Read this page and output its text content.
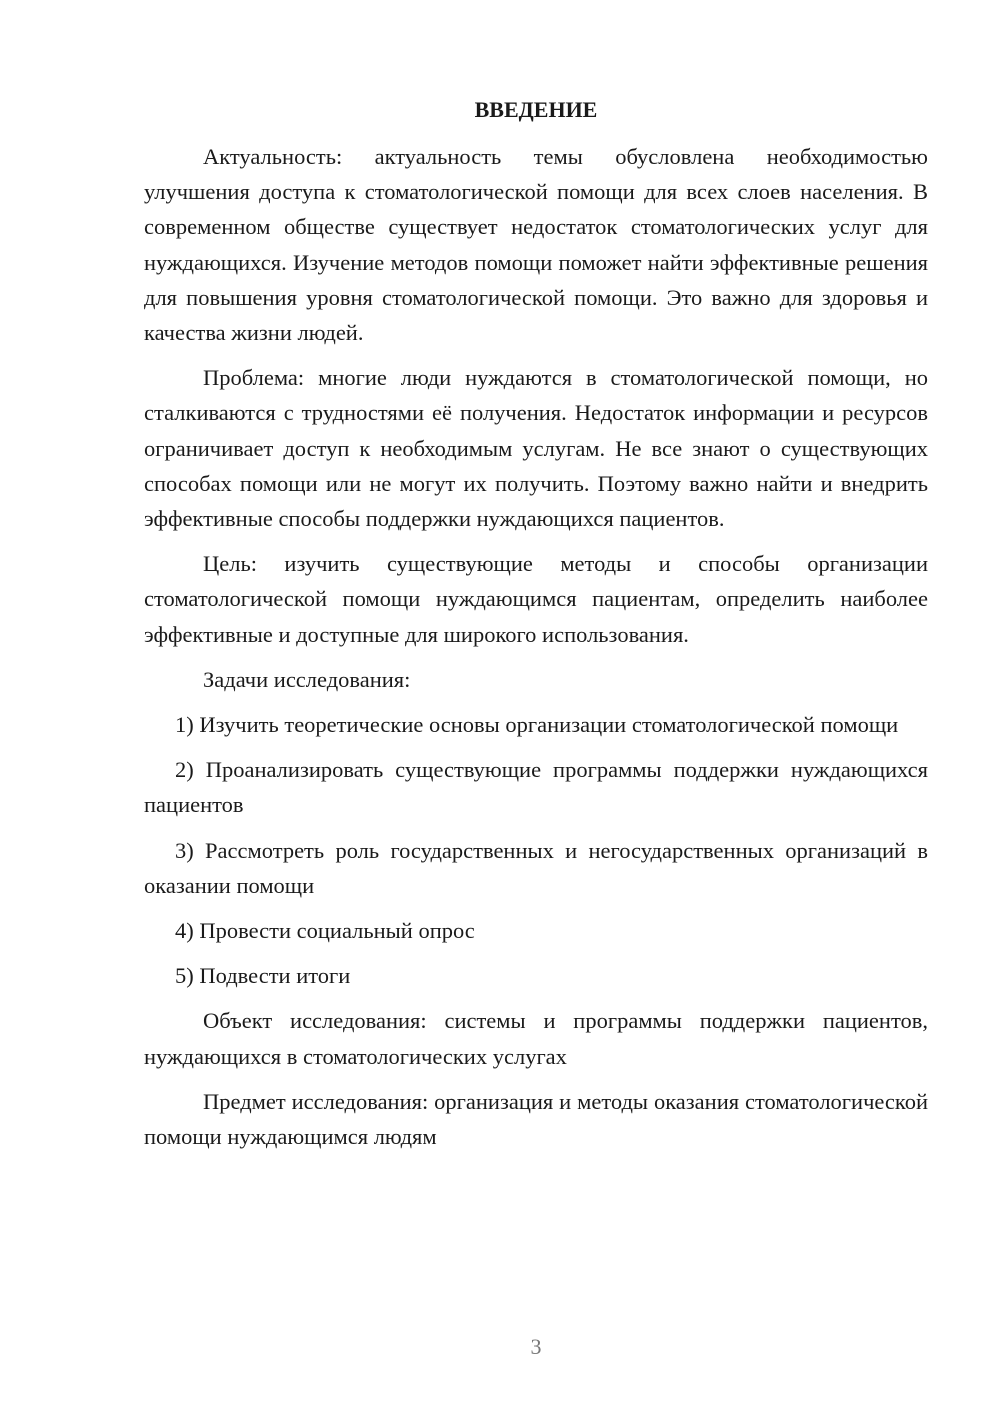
ВВЕДЕНИЕ

Актуальность: актуальность темы обусловлена необходимостью улучшения доступа к стоматологической помощи для всех слоев населения. В современном обществе существует недостаток стоматологических услуг для нуждающихся. Изучение методов помощи поможет найти эффективные решения для повышения уровня стоматологической помощи. Это важно для здоровья и качества жизни людей.

Проблема: многие люди нуждаются в стоматологической помощи, но сталкиваются с трудностями её получения. Недостаток информации и ресурсов ограничивает доступ к необходимым услугам. Не все знают о существующих способах помощи или не могут их получить. Поэтому важно найти и внедрить эффективные способы поддержки нуждающихся пациентов.

Цель: изучить существующие методы и способы организации стоматологической помощи нуждающимся пациентам, определить наиболее эффективные и доступные для широкого использования.

Задачи исследования:

1) Изучить теоретические основы организации стоматологической помощи

2) Проанализировать существующие программы поддержки нуждающихся пациентов

3) Рассмотреть роль государственных и негосударственных организаций в оказании помощи

4) Провести социальный опрос

5) Подвести итоги

Объект исследования: системы и программы поддержки пациентов, нуждающихся в стоматологических услугах

Предмет исследования: организация и методы оказания стоматологической помощи нуждающимся людям

3
